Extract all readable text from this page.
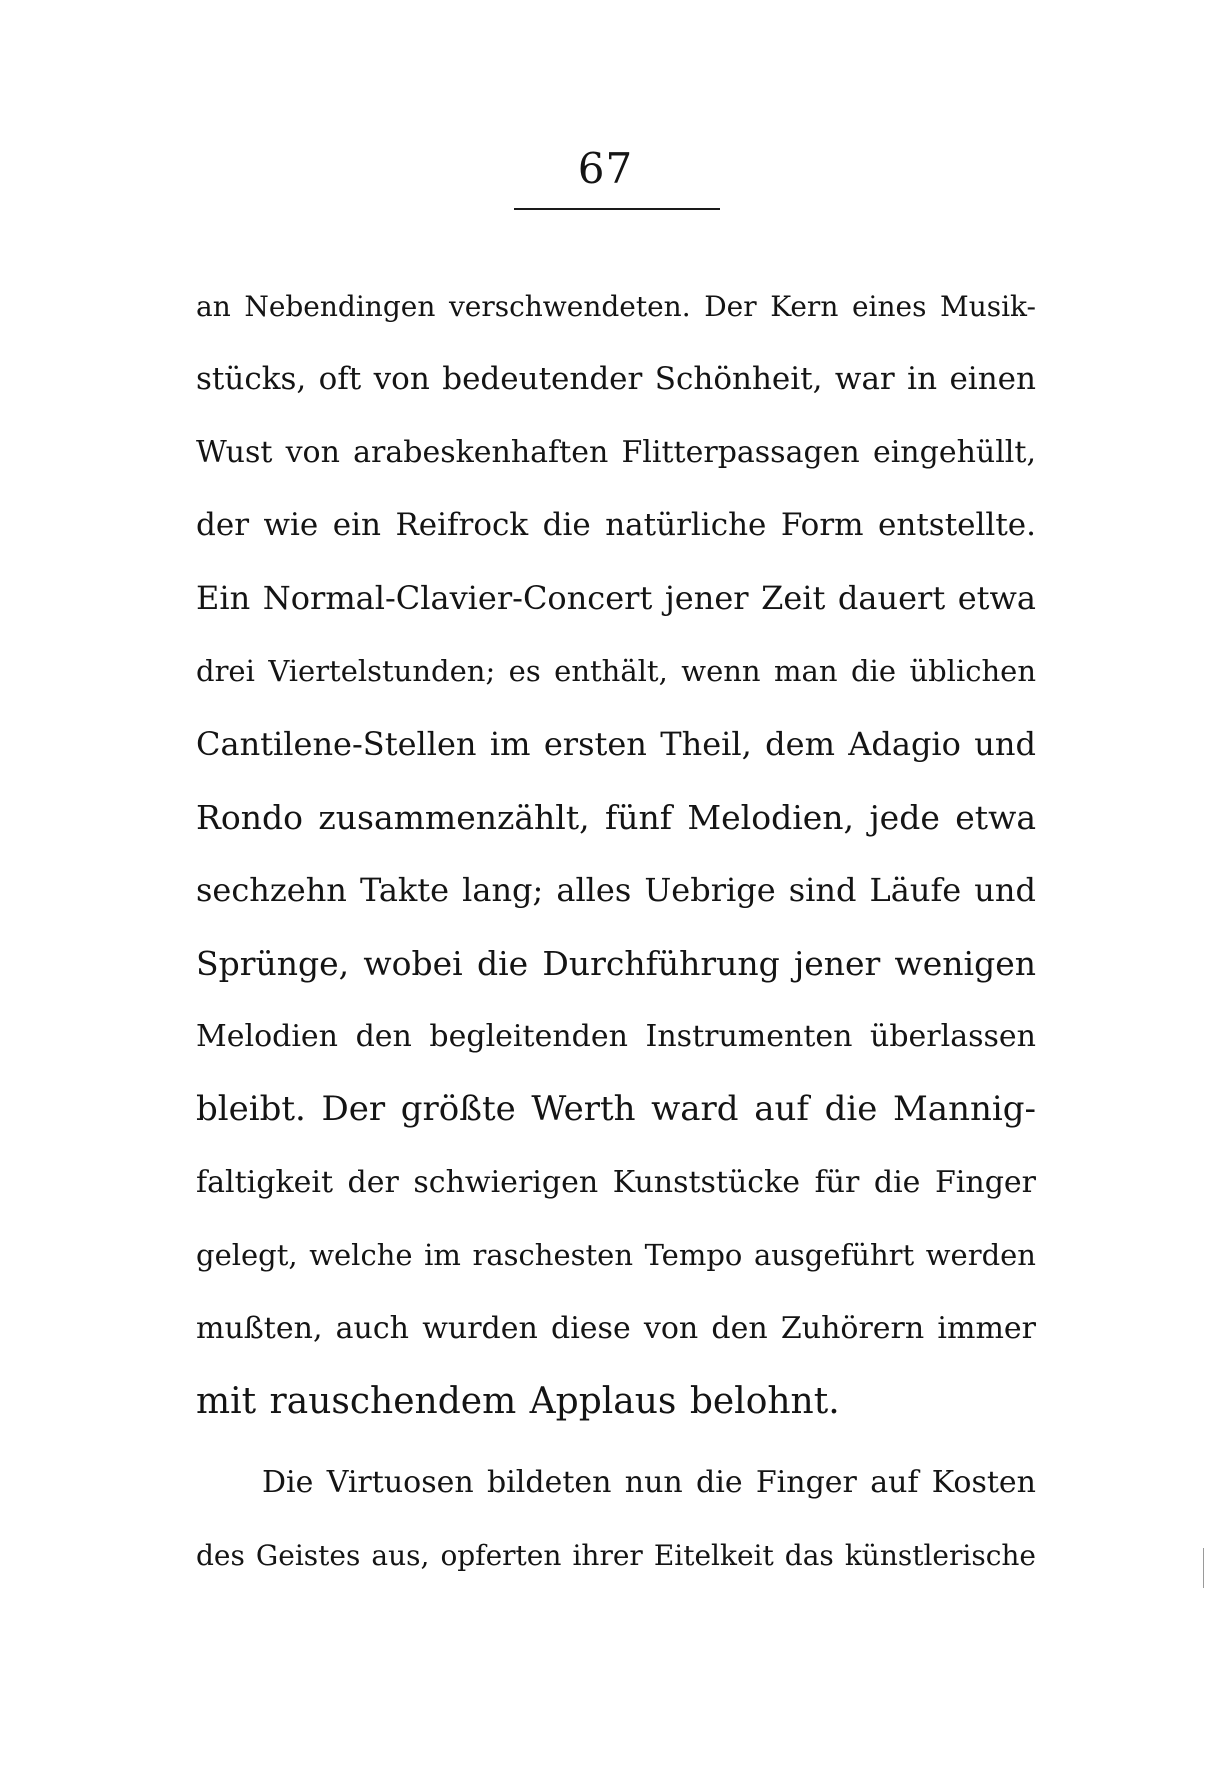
67
an Nebendingen verschwendeten. Der Kern eines Musik-
stücks, oft von bedeutender Schönheit, war in einen
Wust von arabeskenhaften Flitterpassagen eingehüllt,
der wie ein Reifrock die natürliche Form entstellte.
Ein Normal-Clavier-Concert jener Zeit dauert etwa
drei Viertelstunden; es enthält, wenn man die üblichen
Cantilene-Stellen im ersten Theil, dem Adagio und
Rondo zusammenzählt, fünf Melodien, jede etwa
sechzehn Takte lang; alles Uebrige sind Läufe und
Sprünge, wobei die Durchführung jener wenigen
Melodien den begleitenden Instrumenten überlassen
bleibt. Der größte Werth ward auf die Mannig-
faltigkeit der schwierigen Kunststücke für die Finger
gelegt, welche im raschesten Tempo ausgeführt werden
mußten, auch wurden diese von den Zuhörern immer
mit rauschendem Applaus belohnt.
Die Virtuosen bildeten nun die Finger auf Kosten
des Geistes aus, opferten ihrer Eitelkeit das künstlerische
